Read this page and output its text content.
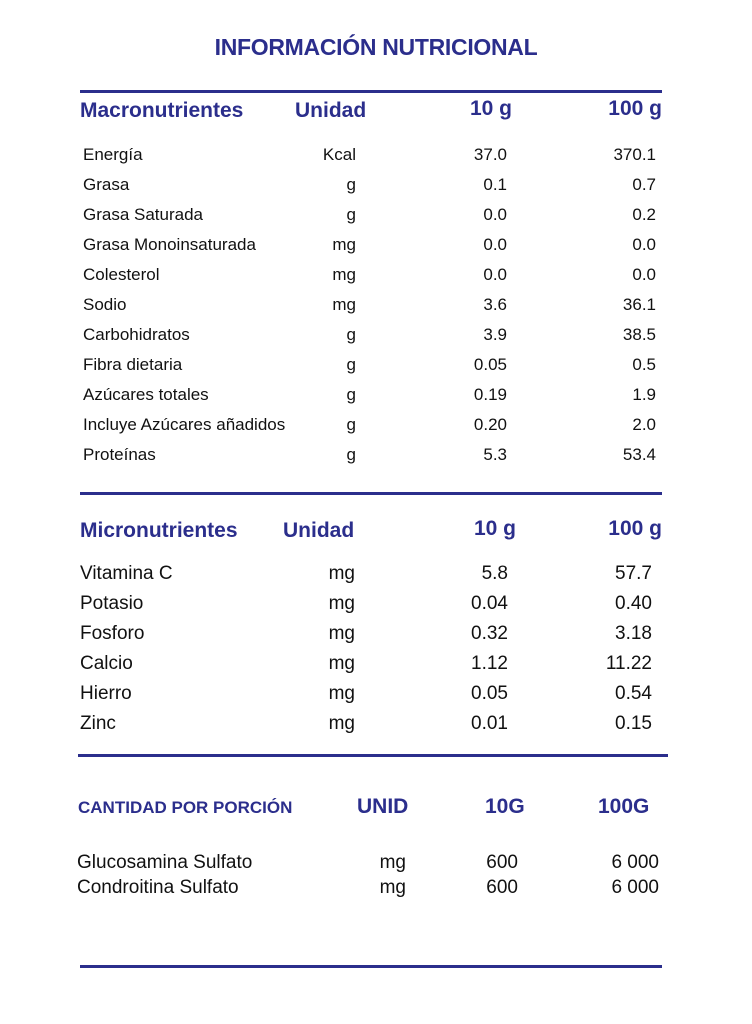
INFORMACIÓN NUTRICIONAL
Macronutrientes Unidad	10 g	100 g
Energía	Kcal	37.0	370.1
Grasa	g	0.1	0.7
Grasa Saturada	g	0.0	0.2
Grasa Monoinsaturada	mg	0.0	0.0
Colesterol	mg	0.0	0.0
Sodio	mg	3.6	36.1
Carbohidratos	g	3.9	38.5
Fibra dietaria	g	0.05	0.5
Azúcares totales	g	0.19	1.9
Incluye Azúcares añadidos	g	0.20	2.0
Proteínas	g	5.3	53.4
Micronutrientes Unidad	10 g	100 g
Vitamina C	mg	5.8	57.7
Potasio	mg	0.04	0.40
Fosforo	mg	0.32	3.18
Calcio	mg	1.12	11.22
Hierro	mg	0.05	0.54
Zinc	mg	0.01	0.15
CANTIDAD POR PORCIÓN	UNID	10G	100G
Glucosamina Sulfato	mg	600	6 000
Condroitina Sulfato	mg	600	6 000
